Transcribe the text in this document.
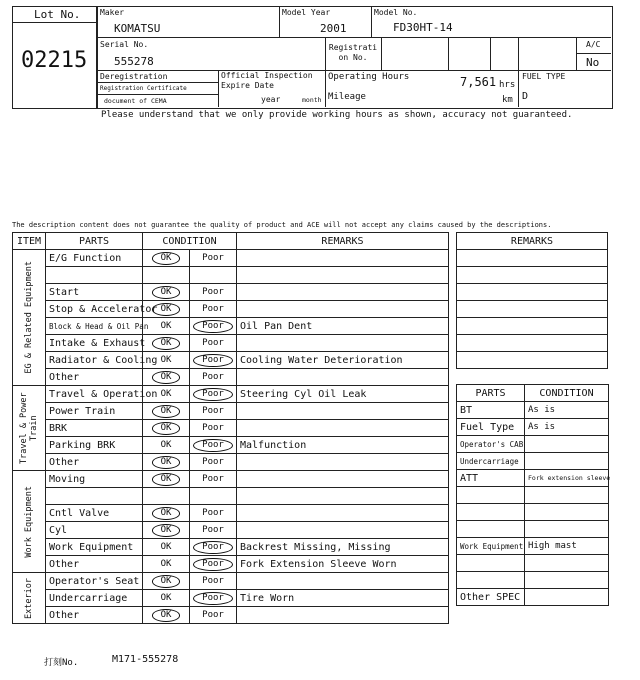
Lot No.
02215
Maker
KOMATSU
Model Year
2001
Model No.
FD30HT-14
Serial No.
555278
Registration No.
A/C
No
Deregistration
Registration Certificate
document of CEMA
Official Inspection Expire Date
year	month
Operating Hours	7,561 hrs
Mileage	km
FUEL TYPE
D
Please understand that we only provide working hours as shown, accuracy not guaranteed.
The description content does not guarantee the quality of product and ACE will not accept any claims caused by the descriptions.
ITEM	PARTS	CONDITION		REMARKS

EG & Related Equipment	E/G Function	OK	Poor	

	Start	OK	Poor	
	Stop & Accelerator	OK	Poor	
	Block & Head & Oil Pan	OK	Poor	Oil Pan Dent
	Intake & Exhaust	OK	Poor	
	Radiator & Cooling	OK	Poor	Cooling Water Deterioration
	Other	OK	Poor	

Travel & Power Train	Travel & Operation	OK	Poor	Steering Cyl Oil Leak
	Power Train	OK	Poor	
	BRK	OK	Poor	
	Parking BRK	OK	Poor	Malfunction
	Other	OK	Poor	

Work Equipment	Moving	OK	Poor	

	Cntl Valve	OK	Poor	
	Cyl	OK	Poor	
	Work Equipment	OK	Poor	Backrest Missing, Missing
	Other	OK	Poor	Fork Extension Sleeve Worn

Exterior	Operator's Seat	OK	Poor	
	Undercarriage	OK	Poor	Tire Worn
	Other	OK	Poor	
REMARKS

PARTS	CONDITION
BT	As is
Fuel Type	As is
Operator's CAB	
Undercarriage	
ATT	Fork extension sleeve

Work Equipment	High mast

Other SPEC	
打刻No.	M171-555278
